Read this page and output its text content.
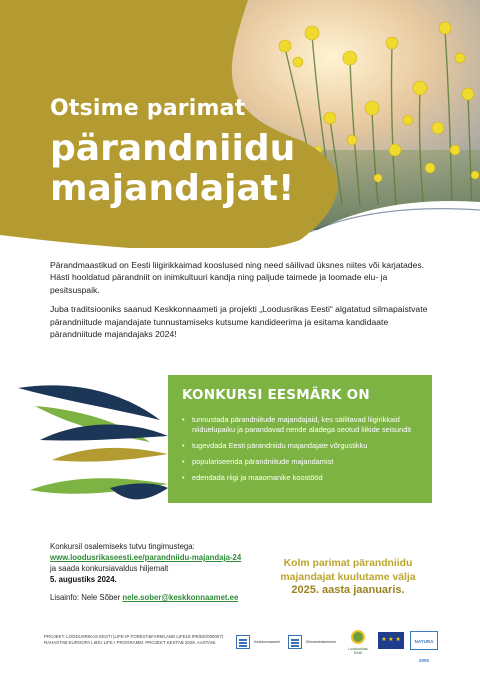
Otsime parimat
pärandniidu
majandajat!

Pärandmaastikud on Eesti liigirikkaimad kooslused ning need säilivad üksnes niites või karjatades. Hästi hooldatud pärandniit on inimkultuuri kandja ning paljude taimede ja loomade elu- ja pesitsuspaik.

Juba traditsiooniks saanud Keskkonnaameti ja projekti „Loodusrikas Eesti“ algatatud silmapaistvate pärandniitude majandajate tunnustamiseks kutsume kandideerima ja esitama kandidaate pärandniitude majandajaks 2024!

KONKURSI EESMÄRK ON
• tunnustada pärandniitude majandajaid, kes säilitavad liigirikkaid niiduelupaiku ja parandavad nende aladega seotud liikide seisundit
• tugevdada Eesti pärandniidu majandajate võrgustikku
• populariseerida pärandniitude majandamist
• edendada riigi ja maaomanike koostööd
Konkursil osalemiseks tutvu tingimustega:
www.loodusrikaseesti.ee/parandniidu-majandaja-24
ja saada konkursiavaldus hiljemalt
5. augustiks 2024.
Lisainfo: Nele Sõber nele.sober@keskkonnaamet.ee
Kolm parimat pärandniidu
majandajat kuulutame välja
2025. aasta jaanuaris.
PROJEKT: LOODUSRIKAS EESTI (LIFE-IP FOREST&FARMLAND LIFE18 IPE/EE/000007)
RAHASTAB EUROOPA LIIDU LIFE I PROGRAMM. PROJEKT KESTAB 2029. AASTANI.	Keskkonnaamet	Kliimaministeerium
Loodusrikas Eesti
★ ★ ★	NATURA 2000
